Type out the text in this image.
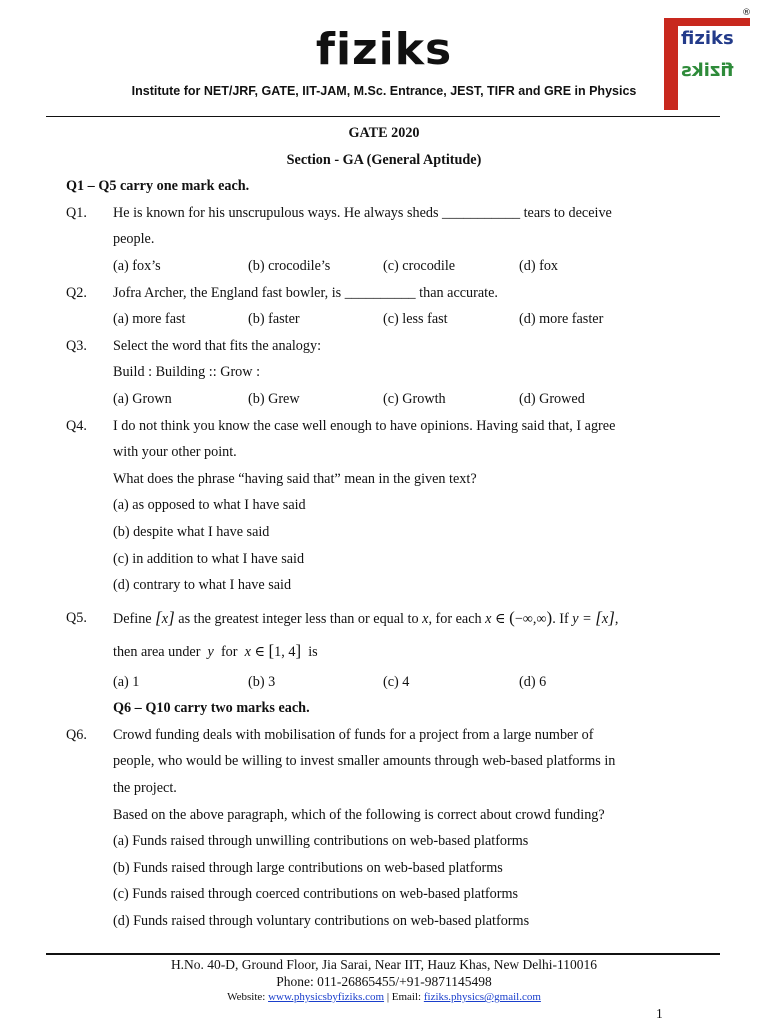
fiziks
Institute for NET/JRF, GATE, IIT-JAM, M.Sc. Entrance, JEST, TIFR and GRE in Physics
fiziks
fiziks
®
GATE 2020
Section - GA (General Aptitude)
Q1 – Q5 carry one mark each.
Q1. He is known for his unscrupulous ways. He always sheds ___________ tears to deceive
people.
(a) fox’s	(b) crocodile’s	(c) crocodile	(d) fox
Q2. Jofra Archer, the England fast bowler, is __________ than accurate.
(a) more fast	(b) faster	(c) less fast	(d) more faster
Q3. Select the word that fits the analogy:
Build : Building :: Grow :
(a) Grown	(b) Grew	(c) Growth	(d) Growed
Q4. I do not think you know the case well enough to have opinions. Having said that, I agree
with your other point.
What does the phrase “having said that” mean in the given text?
(a) as opposed to what I have said
(b) despite what I have said
(c) in addition to what I have said
(d) contrary to what I have said
Q5. Define [x] as the greatest integer less than or equal to x, for each x ∈ (−∞,∞). If y = [x],
then area under  y  for  x ∈ [1, 4] is
(a) 1	(b) 3	(c) 4	(d) 6
Q6 – Q10 carry two marks each.
Q6. Crowd funding deals with mobilisation of funds for a project from a large number of
people, who would be willing to invest smaller amounts through web-based platforms in
the project.
Based on the above paragraph, which of the following is correct about crowd funding?
(a) Funds raised through unwilling contributions on web-based platforms
(b) Funds raised through large contributions on web-based platforms
(c) Funds raised through coerced contributions on web-based platforms
(d) Funds raised through voluntary contributions on web-based platforms
H.No. 40-D, Ground Floor, Jia Sarai, Near IIT, Hauz Khas, New Delhi-110016
Phone: 011-26865455/+91-9871145498
Website: www.physicsbyfiziks.com | Email: fiziks.physics@gmail.com
1
